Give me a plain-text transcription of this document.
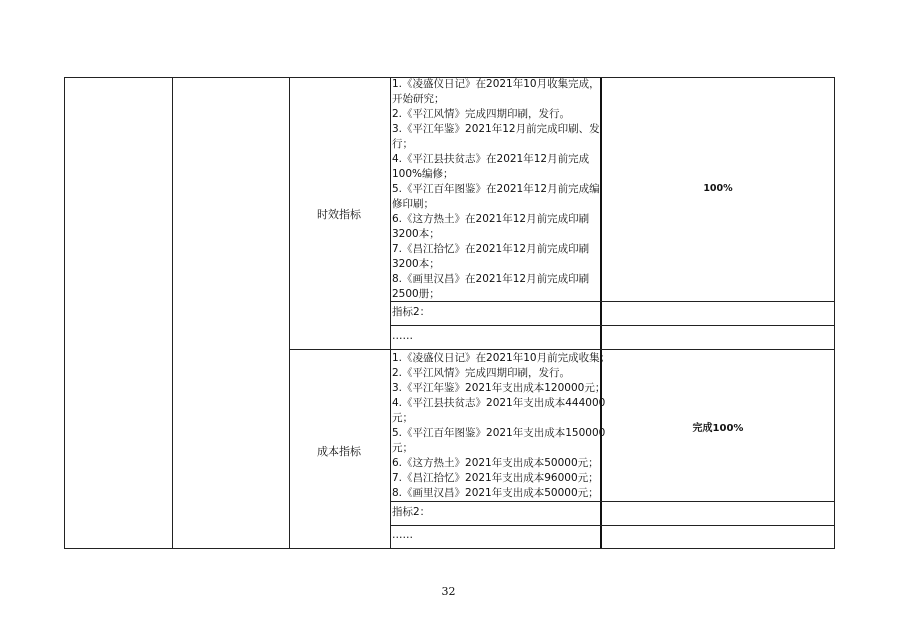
时效指标
1.《凌盛仪日记》在2021年10月收集完成，
开始研究；
2.《平江风情》完成四期印刷，发行。
3.《平江年鉴》2021年12月前完成印刷、发
行；
4.《平江县扶贫志》在2021年12月前完成
100%编修；
5.《平江百年图鉴》在2021年12月前完成编
修印刷；
6.《这方热土》在2021年12月前完成印刷
3200本；
7.《昌江拾忆》在2021年12月前完成印刷
3200本；
8.《画里汉昌》在2021年12月前完成印刷
2500册；
100%
指标2：
……
成本指标
1.《凌盛仪日记》在2021年10月前完成收集；
2.《平江风情》完成四期印刷，发行。
3.《平江年鉴》2021年支出成本120000元；
4.《平江县扶贫志》2021年支出成本444000
元；
5.《平江百年图鉴》2021年支出成本150000
元；
6.《这方热土》2021年支出成本50000元；
7.《昌江拾忆》2021年支出成本96000元；
8.《画里汉昌》2021年支出成本50000元；
完成100%
指标2：
……
32
